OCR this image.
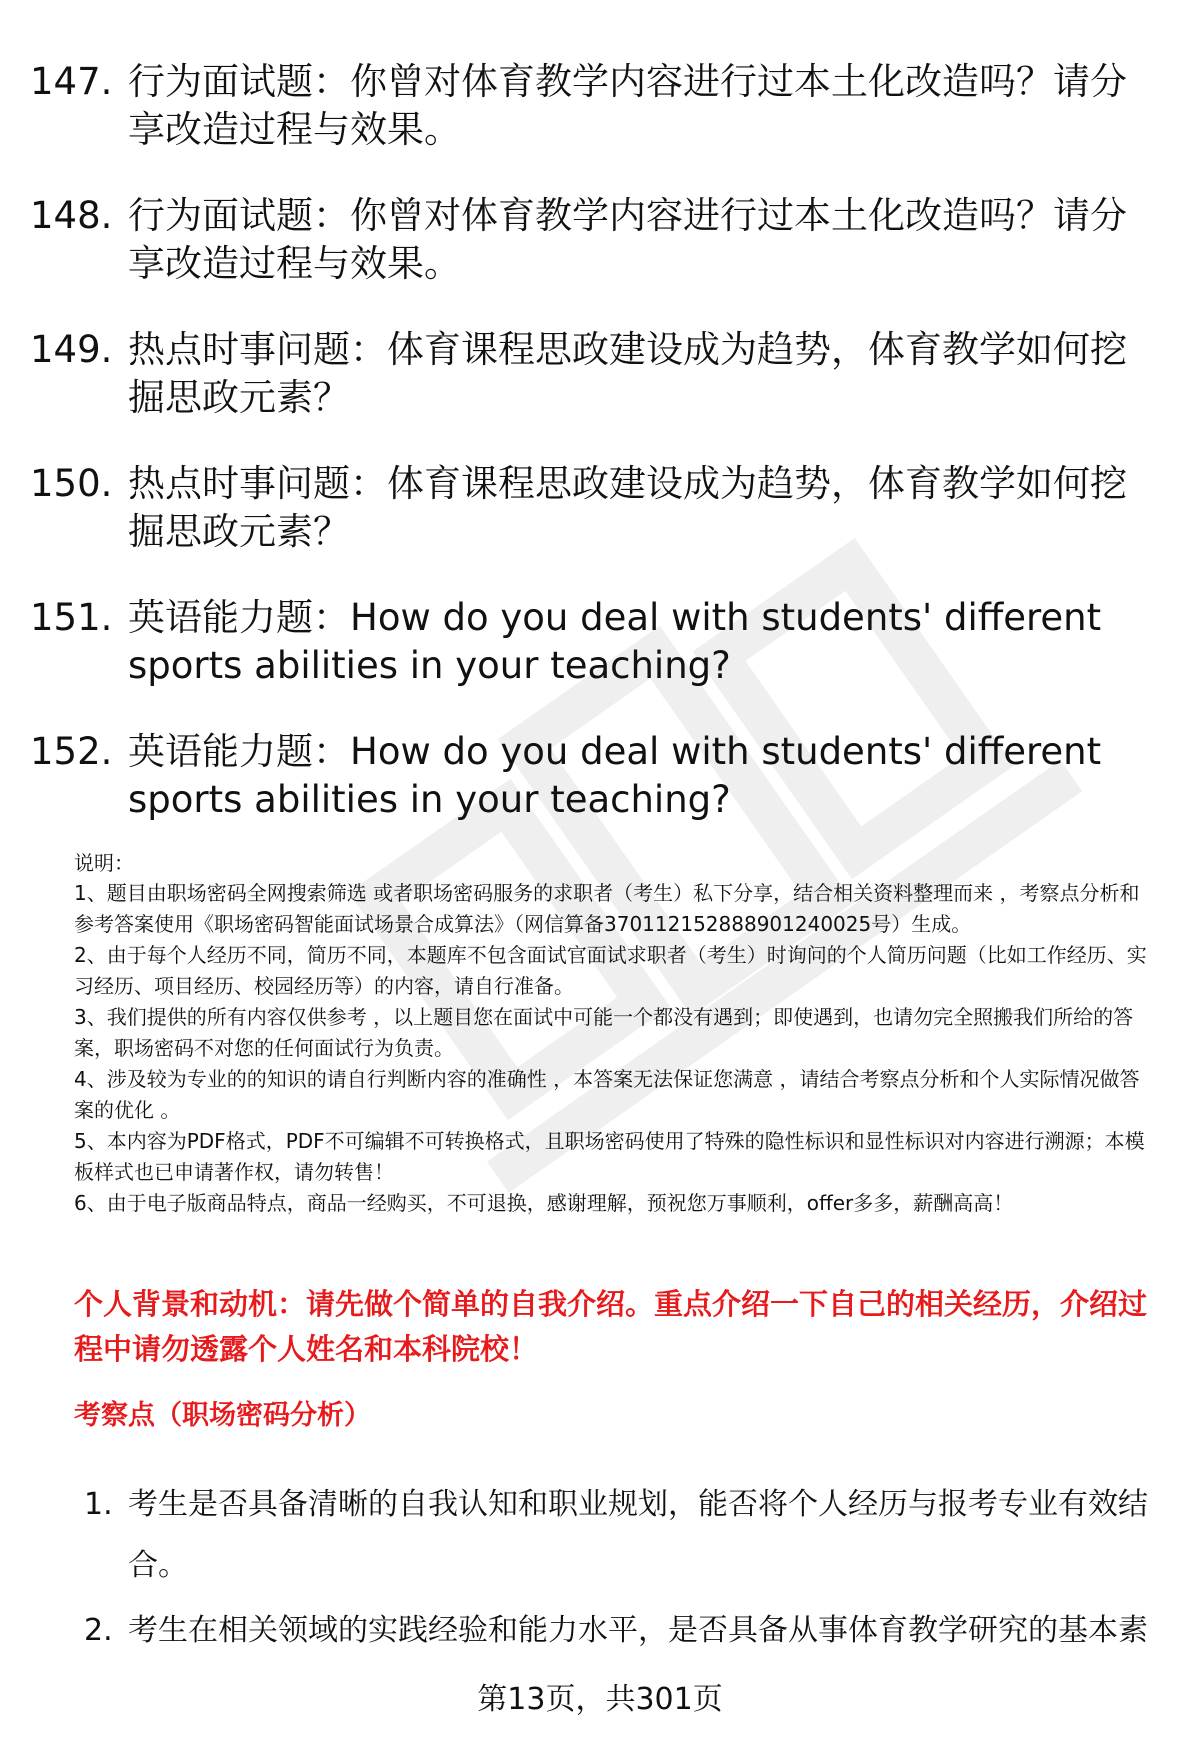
147. 行为面试题：你曾对体育教学内容进行过本土化改造吗？请分享改造过程与效果。
148. 行为面试题：你曾对体育教学内容进行过本土化改造吗？请分享改造过程与效果。
149. 热点时事问题：体育课程思政建设成为趋势，体育教学如何挖掘思政元素？
150. 热点时事问题：体育课程思政建设成为趋势，体育教学如何挖掘思政元素？
151. 英语能力题：How do you deal with students' different sports abilities in your teaching?
152. 英语能力题：How do you deal with students' different sports abilities in your teaching?
说明：
1、题目由职场密码全网搜索筛选 或者职场密码服务的求职者（考生）私下分享，结合相关资料整理而来 ，考察点分析和参考答案使用《职场密码智能面试场景合成算法》（网信算备370112152888901240025号）生成。
2、由于每个人经历不同，简历不同，本题库不包含面试官面试求职者（考生）时询问的个人简历问题（比如工作经历、实习经历、项目经历、校园经历等）的内容，请自行准备。
3、我们提供的所有内容仅供参考 ，以上题目您在面试中可能一个都没有遇到；即使遇到，也请勿完全照搬我们所给的答案，职场密码不对您的任何面试行为负责。
4、涉及较为专业的的知识的请自行判断内容的准确性 ，本答案无法保证您满意 ，请结合考察点分析和个人实际情况做答案的优化 。
5、本内容为PDF格式，PDF不可编辑不可转换格式，且职场密码使用了特殊的隐性标识和显性标识对内容进行溯源；本模板样式也已申请著作权，请勿转售！
6、由于电子版商品特点，商品一经购买，不可退换，感谢理解，预祝您万事顺利，offer多多，薪酬高高！
个人背景和动机：请先做个简单的自我介绍。重点介绍一下自己的相关经历，介绍过程中请勿透露个人姓名和本科院校！
考察点（职场密码分析）
1. 考生是否具备清晰的自我认知和职业规划，能否将个人经历与报考专业有效结合。
2. 考生在相关领域的实践经验和能力水平，是否具备从事体育教学研究的基本素
第13页，共301页
